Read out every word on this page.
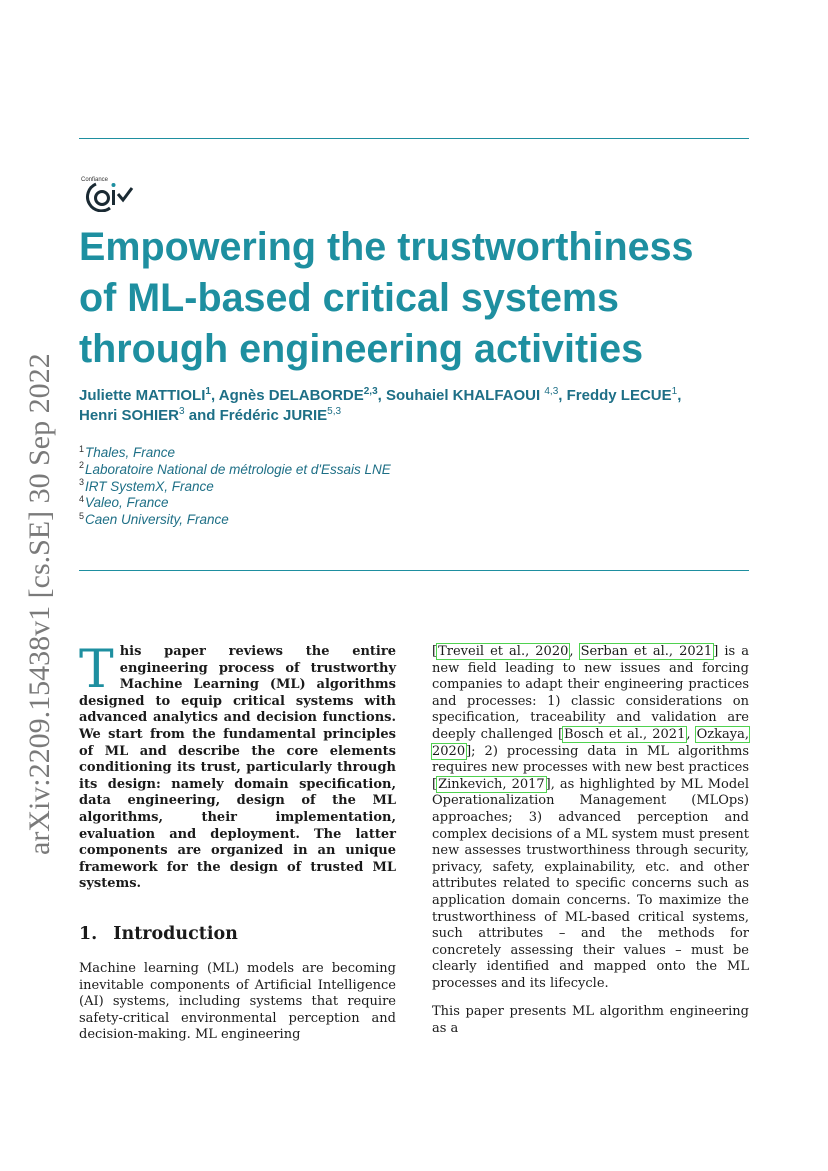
arXiv:2209.15438v1 [cs.SE] 30 Sep 2022
Confiance
Empowering the trustworthiness
of ML-based critical systems
through engineering activities
Juliette MATTIOLI$^1$, Agnès DELABORDE$^{2,3}$, Souhaiel KHALFAOUI $^{4,3}$, Freddy LECUE$^1$,
Henri SOHIER$^3$ and Frédéric JURIE$^{5,3}$
$^1$Thales, France
$^2$Laboratoire National de métrologie et d'Essais LNE
$^3$IRT SystemX, France
$^4$Valeo, France
$^5$Caen University, France

This paper reviews the entire engineering process of trustworthy Machine Learning (ML) algorithms designed to equip critical systems with advanced analytics and decision functions. We start from the fundamental principles of ML and describe the core elements conditioning its trust, particularly through its design: namely domain specification, data engineering, design of the ML algorithms, their implementation, evaluation and deployment. The latter components are organized in an unique framework for the design of trusted ML systems.

1. Introduction

Machine learning (ML) models are becoming inevitable components of Artificial Intelligence (AI) systems, including systems that require safety-critical environmental perception and decision-making. ML engineering

[Treveil et al., 2020, Serban et al., 2021] is a new field leading to new issues and forcing companies to adapt their engineering practices and processes: 1) classic considerations on specification, traceability and validation are deeply challenged [Bosch et al., 2021, Ozkaya, 2020]; 2) processing data in ML algorithms requires new processes with new best practices [Zinkevich, 2017], as highlighted by ML Model Operationalization Management (MLOps) approaches; 3) advanced perception and complex decisions of a ML system must present new assesses trustworthiness through security, privacy, safety, explainability, etc. and other attributes related to specific concerns such as application domain concerns. To maximize the trustworthiness of ML-based critical systems, such attributes – and the methods for concretely assessing their values – must be clearly identified and mapped onto the ML processes and its lifecycle.

This paper presents ML algorithm engineering as a
